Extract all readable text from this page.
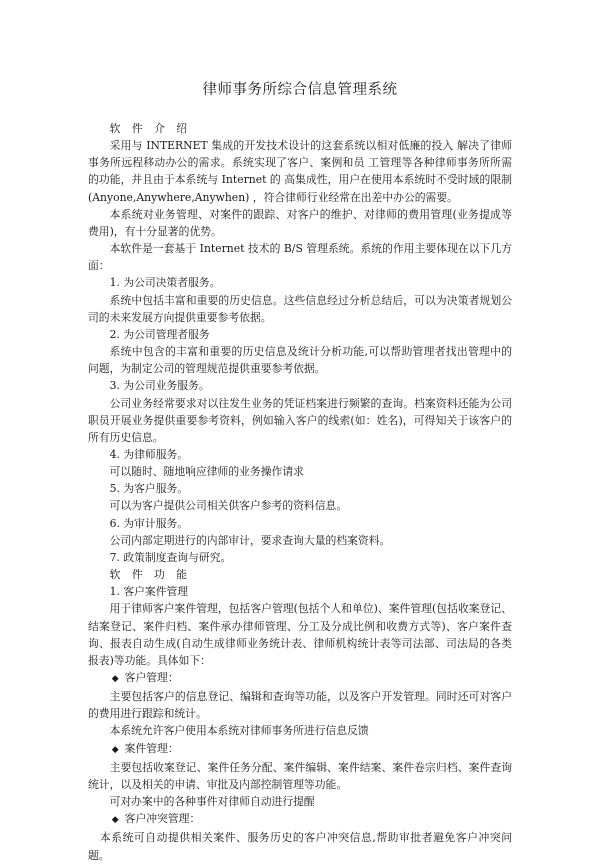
律师事务所综合信息管理系统

软 件 介 绍

采用与 INTERNET 集成的开发技术设计的这套系统以相对低廉的投入 解决了律师事务所远程移动办公的需求。系统实现了客户、案例和员 工管理等各种律师事务所所需的功能，并且由于本系统与 Internet 的 高集成性，用户在使用本系统时不受时域的限制(Anyone,Anywhere,Anywhen) ，符合律师行业经常在出差中办公的需要。

本系统对业务管理、对案件的跟踪、对客户的维护、对律师的费用管理(业务提成等费用)，有十分显著的优势。

本软件是一套基于 Internet 技术的 B/S 管理系统。系统的作用主要体现在以下几方面：

1. 为公司决策者服务。

系统中包括丰富和重要的历史信息。这些信息经过分析总结后，可以为决策者规划公司的未来发展方向提供重要参考依据。

2. 为公司管理者服务

系统中包含的丰富和重要的历史信息及统计分析功能,可以帮助管理者找出管理中的问题，为制定公司的管理规范提供重要参考依据。

3. 为公司业务服务。

公司业务经常要求对以往发生业务的凭证档案进行频繁的查询。档案资料还能为公司职员开展业务提供重要参考资料，例如输入客户的线索(如：姓名)，可得知关于该客户的所有历史信息。

4. 为律师服务。

可以随时、随地响应律师的业务操作请求

5. 为客户服务。

可以为客户提供公司相关供客户参考的资料信息。

6. 为审计服务。

公司内部定期进行的内部审计，要求查询大量的档案资料。

7. 政策制度查询与研究。

软 件 功 能

1. 客户案件管理

用于律师客户案件管理，包括客户管理(包括个人和单位)、案件管理(包括收案登记、结案登记、案件归档、案件承办律师管理、分工及分成比例和收费方式等)、客户案件查询、报表自动生成(自动生成律师业务统计表、律师机构统计表等司法部、司法局的各类报表)等功能。具体如下：

◆ 客户管理：

主要包括客户的信息登记、编辑和查询等功能，以及客户开发管理。同时还可对客户的费用进行跟踪和统计。

本系统允许客户使用本系统对律师事务所进行信息反馈

◆ 案件管理：

主要包括收案登记、案件任务分配、案件编辑、案件结案、案件卷宗归档、案件查询统计，以及相关的申请、审批及内部控制管理等功能。

可对办案中的各种事件对律师自动进行提醒

◆ 客户冲突管理：

本系统可自动提供相关案件、服务历史的客户冲突信息,帮助审批者避免客户冲突问题。
